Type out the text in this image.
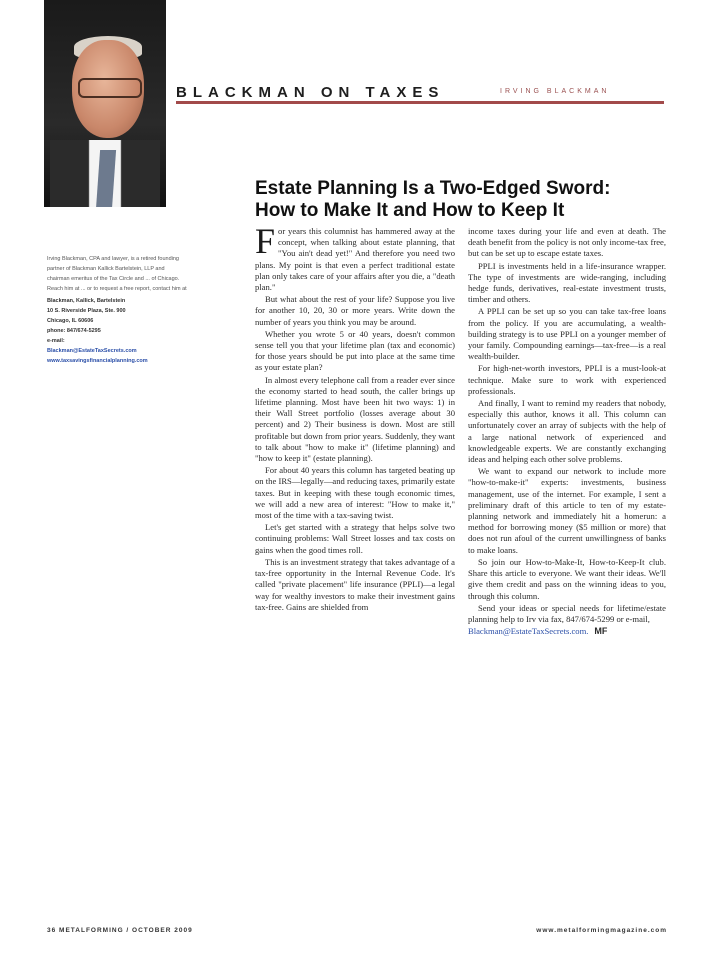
BLACKMAN ON TAXES	IRVING BLACKMAN
Estate Planning Is a Two-Edged Sword:
How to Make It and How to Keep It

Irving Blackman, CPA and lawyer, is a retired founding partner of Blackman Kallick Bartelstein, LLP and chairman emeritus of the Tax Circle and ... of Chicago. Reach him at ... or to request a free report, contact him at

Blackman, Kallick, Bartelstein
10 S. Riverside Plaza, Ste. 900
Chicago, IL 60606
phone: 847/674-5295
e-mail:
Blackman@EstateTaxSecrets.com
www.taxsavingsfinancialplanning.com

For years this columnist has hammered away at the concept, when talking about estate planning, that "You ain't dead yet!" And therefore you need two plans. My point is that even a perfect traditional estate plan only takes care of your affairs after you die, a "death plan."

But what about the rest of your life? Suppose you live for another 10, 20, 30 or more years. Write down the number of years you think you may be around.

Whether you wrote 5 or 40 years, doesn't common sense tell you that your lifetime plan (tax and economic) for those years should be put into place at the same time as your estate plan?

In almost every telephone call from a reader ever since the economy started to head south, the caller brings up lifetime planning. Most have been hit two ways: 1) in their Wall Street portfolio (losses average about 30 percent) and 2) Their business is down. Most are still profitable but down from prior years. Suddenly, they want to talk about "how to make it" (lifetime planning) and "how to keep it" (estate planning).

For about 40 years this column has targeted beating up on the IRS—legally—and reducing taxes, primarily estate taxes. But in keeping with these tough economic times, we will add a new area of interest: "How to make it," most of the time with a tax-saving twist.

Let's get started with a strategy that helps solve two continuing problems: Wall Street losses and tax costs on gains when the good times roll.

This is an investment strategy that takes advantage of a tax-free opportunity in the Internal Revenue Code. It's called "private placement" life insurance (PPLI)—a legal way for wealthy investors to make their investment gains tax-free. Gains are shielded from

income taxes during your life and even at death. The death benefit from the policy is not only income-tax free, but can be set up to escape estate taxes.

PPLI is investments held in a life-insurance wrapper. The type of investments are wide-ranging, including hedge funds, derivatives, real-estate investment trusts, timber and others.

A PPLI can be set up so you can take tax-free loans from the policy. If you are accumulating, a wealth-building strategy is to use PPLI on a younger member of your family. Compounding earnings—tax-free—is a real wealth-builder.

For high-net-worth investors, PPLI is a must-look-at technique. Make sure to work with experienced professionals.

And finally, I want to remind my readers that nobody, especially this author, knows it all. This column can unfortunately cover an array of subjects with the help of a large national network of experienced and knowledgeable experts. We are constantly exchanging ideas and helping each other solve problems.

We want to expand our network to include more "how-to-make-it" experts: investments, business management, use of the internet. For example, I sent a preliminary draft of this article to ten of my estate-planning network and immediately hit a homerun: a method for borrowing money ($5 million or more) that does not run afoul of the current unwillingness of banks to make loans.

So join our How-to-Make-It, How-to-Keep-It club. Share this article to everyone. We want their ideas. We'll give them credit and pass on the winning ideas to you, through this column.

Send your ideas or special needs for lifetime/estate planning help to Irv via fax, 847/674-5299 or e-mail,

Blackman@EstateTaxSecrets.com. MF

36 METALFORMING / OCTOBER 2009	www.metalformingmagazine.com
